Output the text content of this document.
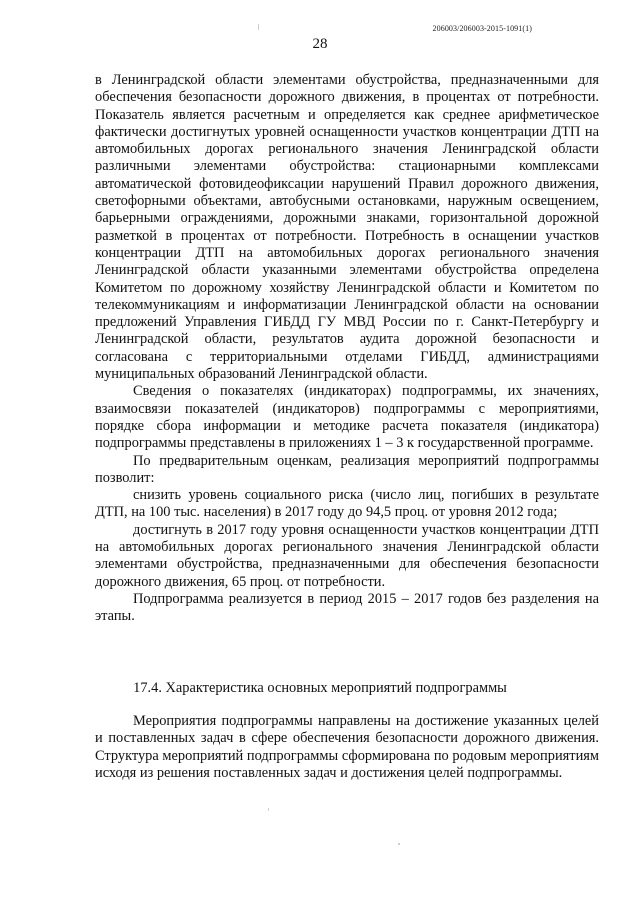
206003/206003-2015-1091(1)
28

в Ленинградской области элементами обустройства, предназначенными для обеспечения безопасности дорожного движения, в процентах от потребности. Показатель является расчетным и определяется как среднее арифметическое фактически достигнутых уровней оснащенности участков концентрации ДТП на автомобильных дорогах регионального значения Ленинградской области различными элементами обустройства: стационарными комплексами автоматической фотовидеофиксации нарушений Правил дорожного движения, светофорными объектами, автобусными остановками, наружным освещением, барьерными ограждениями, дорожными знаками, горизонтальной дорожной разметкой в процентах от потребности. Потребность в оснащении участков концентрации ДТП на автомобильных дорогах регионального значения Ленинградской области указанными элементами обустройства определена Комитетом по дорожному хозяйству Ленинградской области и Комитетом по телекоммуникациям и информатизации Ленинградской области на основании предложений Управления ГИБДД ГУ МВД России по г. Санкт-Петербургу и Ленинградской области, результатов аудита дорожной безопасности и согласована с территориальными отделами ГИБДД, администрациями муниципальных образований Ленинградской области.

Сведения о показателях (индикаторах) подпрограммы, их значениях, взаимосвязи показателей (индикаторов) подпрограммы с мероприятиями, порядке сбора информации и методике расчета показателя (индикатора) подпрограммы представлены в приложениях 1 – 3 к государственной программе.

По предварительным оценкам, реализация мероприятий подпрограммы позволит:

снизить уровень социального риска (число лиц, погибших в результате ДТП, на 100 тыс. населения) в 2017 году до 94,5 проц. от уровня 2012 года;

достигнуть в 2017 году уровня оснащенности участков концентрации ДТП на автомобильных дорогах регионального значения Ленинградской области элементами обустройства, предназначенными для обеспечения безопасности дорожного движения, 65 проц. от потребности.

Подпрограмма реализуется в период 2015 – 2017 годов без разделения на этапы.

17.4. Характеристика основных мероприятий подпрограммы

Мероприятия подпрограммы направлены на достижение указанных целей и поставленных задач в сфере обеспечения безопасности дорожного движения. Структура мероприятий подпрограммы сформирована по родовым мероприятиям исходя из решения поставленных задач и достижения целей подпрограммы.
